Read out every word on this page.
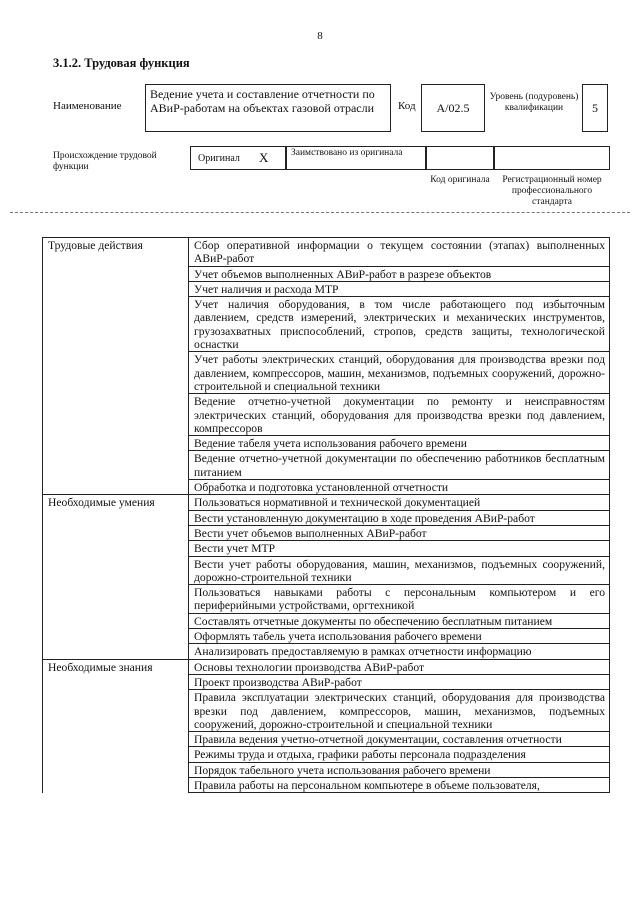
8
3.1.2. Трудовая функция
Наименование
Ведение учета и составление отчетности по АВиР-работам на объектах газовой отрасли	Код	А/02.5
Уровень (подуровень) квалификации	5
Происхождение трудовой функции
Оригинал X	Заимствовано из оригинала
Код оригинала	Регистрационный номер профессионального стандарта
Трудовые действия	Сбор оперативной информации о текущем состоянии (этапах) выполненных АВиР-работ
	Учет объемов выполненных АВиР-работ в разрезе объектов
	Учет наличия и расхода МТР
	Учет наличия оборудования, в том числе работающего под избыточным давлением, средств измерений, электрических и механических инструментов, грузозахватных приспособлений, стропов, средств защиты, технологической оснастки
	Учет работы электрических станций, оборудования для производства врезки под давлением, компрессоров, машин, механизмов, подъемных сооружений, дорожно-строительной и специальной техники
	Ведение отчетно-учетной документации по ремонту и неисправностям электрических станций, оборудования для производства врезки под давлением, компрессоров
	Ведение табеля учета использования рабочего времени
	Ведение отчетно-учетной документации по обеспечению работников бесплатным питанием
	Обработка и подготовка установленной отчетности
Необходимые умения	Пользоваться нормативной и технической документацией
	Вести установленную документацию в ходе проведения АВиР-работ
	Вести учет объемов выполненных АВиР-работ
	Вести учет МТР
	Вести учет работы оборудования, машин, механизмов, подъемных сооружений, дорожно-строительной техники
	Пользоваться навыками работы с персональным компьютером и его периферийными устройствами, оргтехникой
	Составлять отчетные документы по обеспечению бесплатным питанием
	Оформлять табель учета использования рабочего времени
	Анализировать предоставляемую в рамках отчетности информацию
Необходимые знания	Основы технологии производства АВиР-работ
	Проект производства АВиР-работ
	Правила эксплуатации электрических станций, оборудования для производства врезки под давлением, компрессоров, машин, механизмов, подъемных сооружений, дорожно-строительной и специальной техники
	Правила ведения учетно-отчетной документации, составления отчетности
	Режимы труда и отдыха, графики работы персонала подразделения
	Порядок табельного учета использования рабочего времени
	Правила работы на персональном компьютере в объеме пользователя,
